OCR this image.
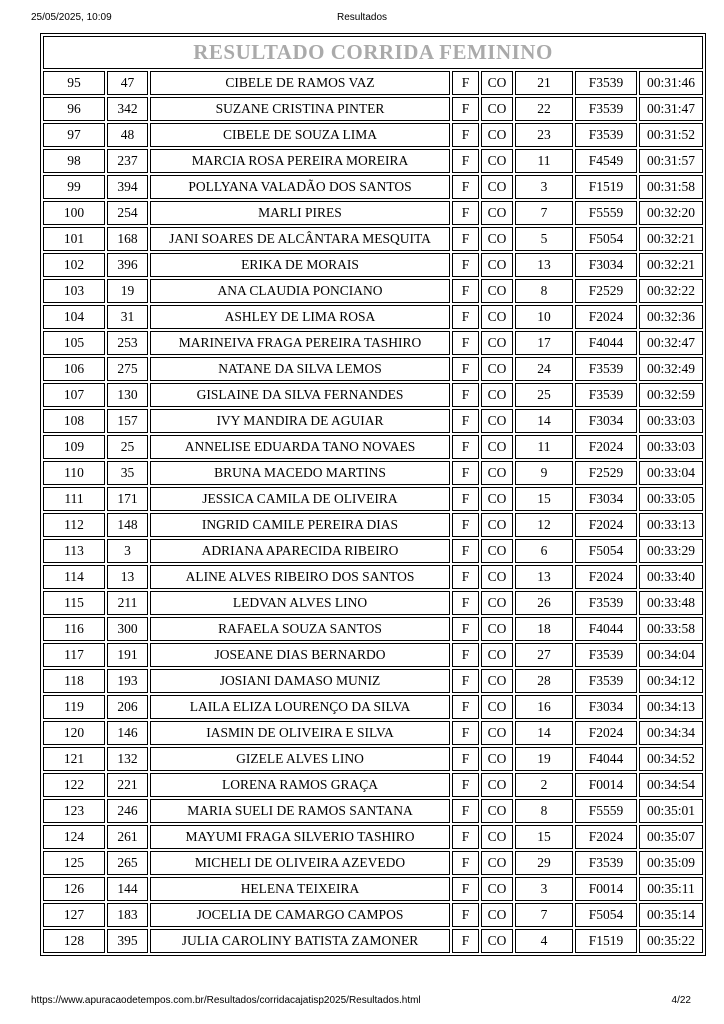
25/05/2025, 10:09	Resultados
RESULTADO CORRIDA FEMININO							
95	47	CIBELE DE RAMOS VAZ	F	CO	21	F3539	00:31:46
96	342	SUZANE CRISTINA PINTER	F	CO	22	F3539	00:31:47
97	48	CIBELE DE SOUZA LIMA	F	CO	23	F3539	00:31:52
98	237	MARCIA ROSA PEREIRA MOREIRA	F	CO	11	F4549	00:31:57
99	394	POLLYANA VALADÃO DOS SANTOS	F	CO	3	F1519	00:31:58
100	254	MARLI PIRES	F	CO	7	F5559	00:32:20
101	168	JANI SOARES DE ALCÂNTARA MESQUITA	F	CO	5	F5054	00:32:21
102	396	ERIKA DE MORAIS	F	CO	13	F3034	00:32:21
103	19	ANA CLAUDIA PONCIANO	F	CO	8	F2529	00:32:22
104	31	ASHLEY DE LIMA ROSA	F	CO	10	F2024	00:32:36
105	253	MARINEIVA FRAGA PEREIRA TASHIRO	F	CO	17	F4044	00:32:47
106	275	NATANE DA SILVA LEMOS	F	CO	24	F3539	00:32:49
107	130	GISLAINE DA SILVA FERNANDES	F	CO	25	F3539	00:32:59
108	157	IVY MANDIRA DE AGUIAR	F	CO	14	F3034	00:33:03
109	25	ANNELISE EDUARDA TANO NOVAES	F	CO	11	F2024	00:33:03
110	35	BRUNA MACEDO MARTINS	F	CO	9	F2529	00:33:04
111	171	JESSICA CAMILA DE OLIVEIRA	F	CO	15	F3034	00:33:05
112	148	INGRID CAMILE PEREIRA DIAS	F	CO	12	F2024	00:33:13
113	3	ADRIANA APARECIDA RIBEIRO	F	CO	6	F5054	00:33:29
114	13	ALINE ALVES RIBEIRO DOS SANTOS	F	CO	13	F2024	00:33:40
115	211	LEDVAN ALVES LINO	F	CO	26	F3539	00:33:48
116	300	RAFAELA SOUZA SANTOS	F	CO	18	F4044	00:33:58
117	191	JOSEANE DIAS BERNARDO	F	CO	27	F3539	00:34:04
118	193	JOSIANI DAMASO MUNIZ	F	CO	28	F3539	00:34:12
119	206	LAILA ELIZA LOURENÇO DA SILVA	F	CO	16	F3034	00:34:13
120	146	IASMIN DE OLIVEIRA E SILVA	F	CO	14	F2024	00:34:34
121	132	GIZELE ALVES LINO	F	CO	19	F4044	00:34:52
122	221	LORENA RAMOS GRAÇA	F	CO	2	F0014	00:34:54
123	246	MARIA SUELI DE RAMOS SANTANA	F	CO	8	F5559	00:35:01
124	261	MAYUMI FRAGA SILVERIO TASHIRO	F	CO	15	F2024	00:35:07
125	265	MICHELI DE OLIVEIRA AZEVEDO	F	CO	29	F3539	00:35:09
126	144	HELENA TEIXEIRA	F	CO	3	F0014	00:35:11
127	183	JOCELIA DE CAMARGO CAMPOS	F	CO	7	F5054	00:35:14
128	395	JULIA CAROLINY BATISTA ZAMONER	F	CO	4	F1519	00:35:22
https://www.apuracaodetempos.com.br/Resultados/corridacajatisp2025/Resultados.html	4/22
